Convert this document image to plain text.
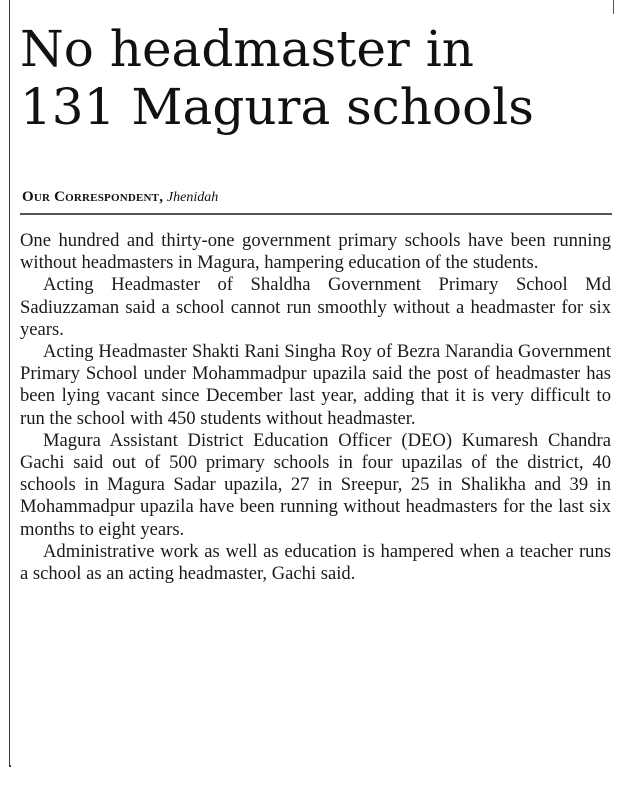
No headmaster in
131 Magura schools
Our Correspondent, Jhenidah

One hundred and thirty-one government primary schools have been running without headmasters in Magura, hampering education of the students.

Acting Headmaster of Shaldha Government Primary School Md Sadiuzzaman said a school cannot run smoothly without a headmaster for six years.

Acting Headmaster Shakti Rani Singha Roy of Bezra Narandia Government Primary School under Mohammadpur upazila said the post of headmaster has been lying vacant since December last year, adding that it is very difficult to run the school with 450 students without headmaster.

Magura Assistant District Education Officer (DEO) Kumaresh Chandra Gachi said out of 500 primary schools in four upazilas of the district, 40 schools in Magura Sadar upazila, 27 in Sreepur, 25 in Shalikha and 39 in Mohammadpur upazila have been running without headmasters for the last six months to eight years.

Administrative work as well as education is hampered when a teacher runs a school as an acting headmaster, Gachi said.
